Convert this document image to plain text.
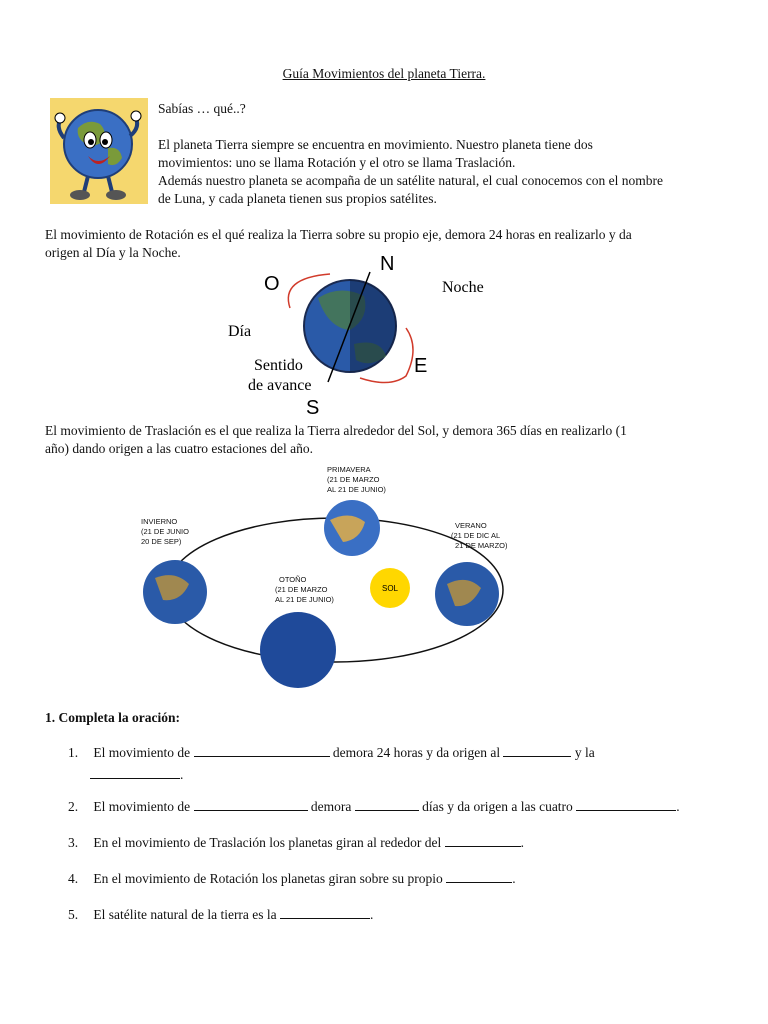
Guía Movimientos del planeta Tierra.

Sabías … qué..?

El planeta Tierra siempre se encuentra en movimiento. Nuestro planeta tiene dos

movimientos: uno se llama Rotación y el otro se llama Traslación.

Además nuestro planeta se acompaña de un satélite natural, el cual conocemos con el nombre

de Luna, y cada planeta tienen sus propios satélites.

El movimiento de Rotación es el qué realiza la Tierra sobre su propio eje, demora 24 horas en realizarlo y da
origen al Día y la Noche.
N
O
E
S
Noche
Día
Sentido
de avance
El movimiento de Traslación es el que realiza la Tierra alrededor del Sol, y demora 365 días en realizarlo (1
año) dando origen a las cuatro estaciones del año.
SOL
PRIMAVERA
(21 DE MARZO
AL 21 DE JUNIO)
INVIERNO
(21 DE JUNIO
20 DE SEP)
VERANO
(21 DE DIC AL
21 DE MARZO)
OTOÑO
(21 DE MARZO
AL 21 DE JUNIO)
1. Completa la oración:
1. El movimiento de	demora 24 horas y da origen al	y la
.
2. El movimiento de	demora	días y da origen a las cuatro	.
3. En el movimiento de Traslación los planetas giran al rededor del	.
4. En el movimiento de Rotación los planetas giran sobre su propio	.
5. El satélite natural de la tierra es la	.
